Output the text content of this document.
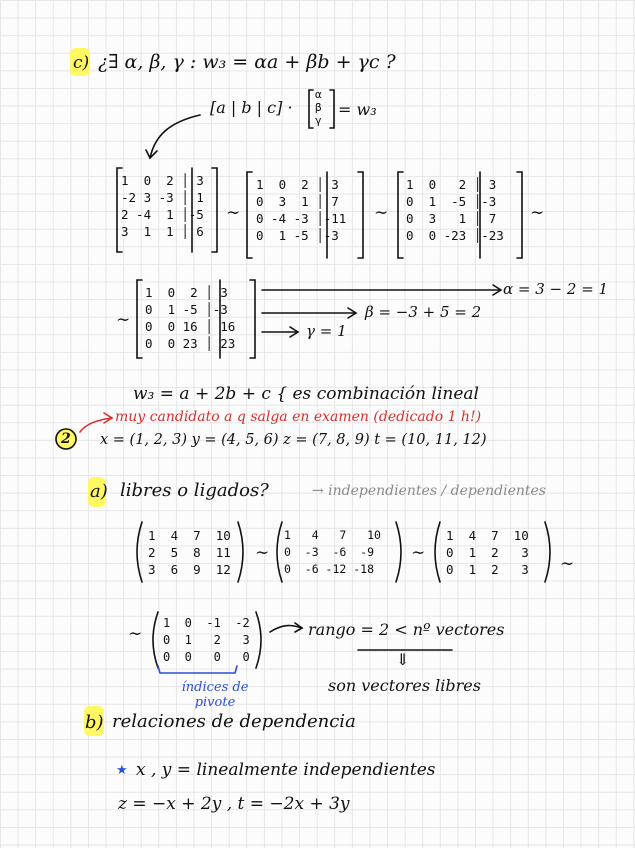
c) ¿∃ α, β, γ : w₃ = αa + βb + γc ?
[a | b | c] ·
α
β
γ
= w₃
1  0  2 │ 3
-2 3 -3 │ 1
2 -4  1 │-5
3  1  1 │ 6
∼
1  0  2 │ 3
0  3  1 │ 7
0 -4 -3 │-11
0  1 -5 │-3
∼
1  0   2 │ 3
0  1  -5 │-3
0  3   1 │ 7
0  0 -23 │-23
∼
∼
1  0  2 │ 3
0  1 -5 │-3
0  0 16 │ 16
0  0 23 │ 23
α = 3 − 2 = 1
β = −3 + 5 = 2
γ = 1
w₃ = a + 2b + c { es combinación lineal
muy candidato a q salga en examen (dedicado 1 h!)
2 x = (1, 2, 3) y = (4, 5, 6) z = (7, 8, 9) t = (10, 11, 12)
a) libres o ligados?	→ independientes / dependientes
1  4  7  10
2  5  8  11
3  6  9  12
∼
1   4   7   10
0  -3  -6  -9
0  -6 -12 -18
∼
1  4  7  10
0  1  2   3
0  1  2   3 ∼
∼
1  0  -1  -2
0  1   2   3
0  0   0   0
rango = 2 < nº vectores
⇓
son vectores libres
índices de pivote
b) relaciones de dependencia
★ x , y = linealmente independientes
z = −x + 2y , t = −2x + 3y
